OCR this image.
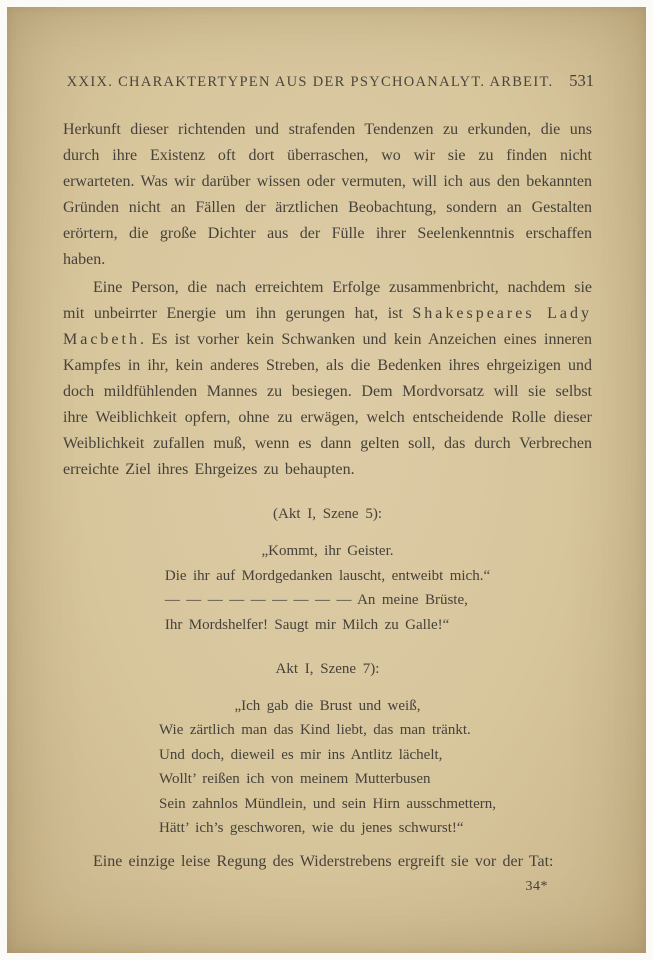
XXIX. CHARAKTERTYPEN AUS DER PSYCHOANALYT. ARBEIT. 531

Herkunft dieser richtenden und strafenden Tendenzen zu erkunden, die uns durch ihre Existenz oft dort überraschen, wo wir sie zu finden nicht erwarteten. Was wir darüber wissen oder vermuten, will ich aus den bekannten Gründen nicht an Fällen der ärztlichen Beobachtung, sondern an Gestalten erörtern, die große Dichter aus der Fülle ihrer Seelenkenntnis erschaffen haben.

Eine Person, die nach erreichtem Erfolge zusammenbricht, nachdem sie mit unbeirrter Energie um ihn gerungen hat, ist Shakespeares Lady Macbeth. Es ist vorher kein Schwanken und kein Anzeichen eines inneren Kampfes in ihr, kein anderes Streben, als die Bedenken ihres ehrgeizigen und doch mildfühlenden Mannes zu besiegen. Dem Mordvorsatz will sie selbst ihre Weiblichkeit opfern, ohne zu erwägen, welch entscheidende Rolle dieser Weiblichkeit zufallen muß, wenn es dann gelten soll, das durch Verbrechen erreichte Ziel ihres Ehrgeizes zu behaupten.

(Akt I, Szene 5):
„Kommt, ihr Geister.
Die ihr auf Mordgedanken lauscht, entweibt mich.“
— — — — — — — — — An meine Brüste,
Ihr Mordshelfer! Saugt mir Milch zu Galle!“
Akt I, Szene 7):
„Ich gab die Brust und weiß,
Wie zärtlich man das Kind liebt, das man tränkt.
Und doch, dieweil es mir ins Antlitz lächelt,
Wollt’ reißen ich von meinem Mutterbusen
Sein zahnlos Mündlein, und sein Hirn ausschmettern,
Hätt’ ich’s geschworen, wie du jenes schwurst!“

Eine einzige leise Regung des Widerstrebens ergreift sie vor der Tat:

34*
